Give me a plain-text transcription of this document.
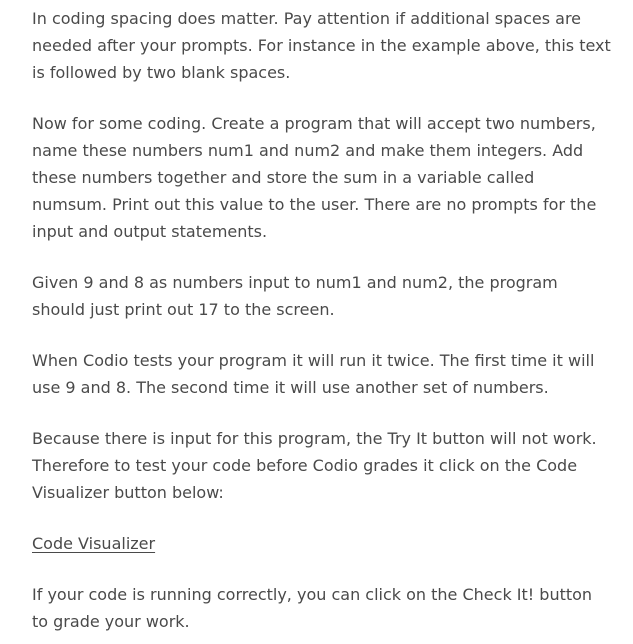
In coding spacing does matter. Pay attention if additional spaces are needed after your prompts. For instance in the example above, this text is followed by two blank spaces.

Now for some coding. Create a program that will accept two numbers, name these numbers num1 and num2 and make them integers. Add these numbers together and store the sum in a variable called numsum. Print out this value to the user. There are no prompts for the input and output statements.

Given 9 and 8 as numbers input to num1 and num2, the program should just print out 17 to the screen.

When Codio tests your program it will run it twice. The first time it will use 9 and 8. The second time it will use another set of numbers.

Because there is input for this program, the Try It button will not work. Therefore to test your code before Codio grades it click on the Code Visualizer button below:

Code Visualizer

If your code is running correctly, you can click on the Check It! button to grade your work.
